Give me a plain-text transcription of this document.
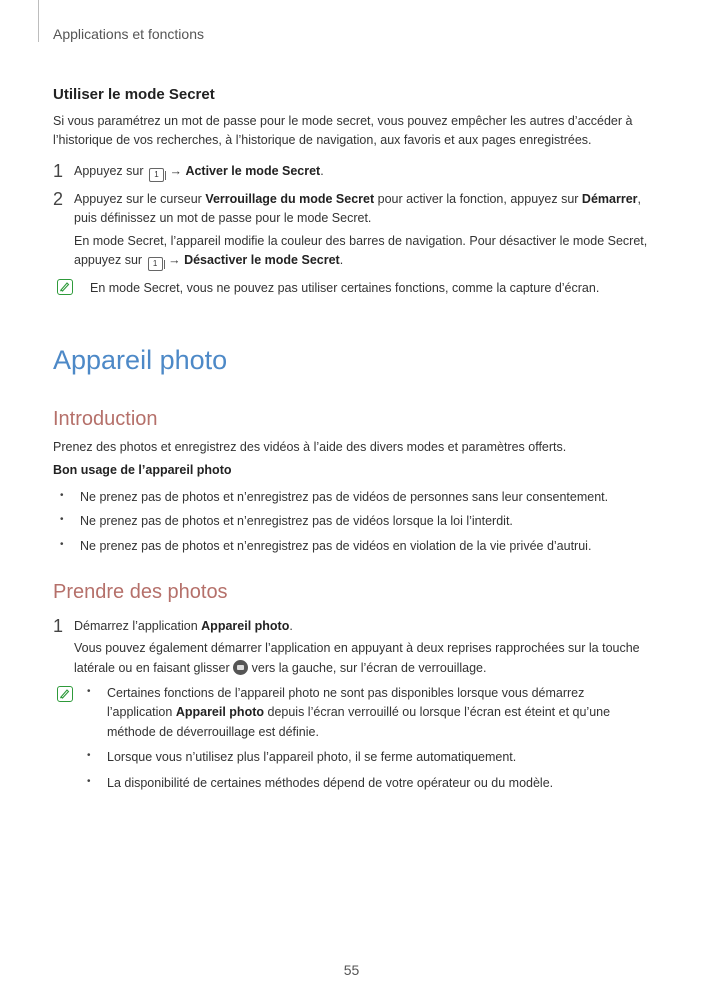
Applications et fonctions
Utiliser le mode Secret

Si vous paramétrez un mot de passe pour le mode secret, vous pouvez empêcher les autres d’accéder à l’historique de vos recherches, à l’historique de navigation, aux favoris et aux pages enregistrées.

1 Appuyez sur 1 → Activer le mode Secret.
2 Appuyez sur le curseur Verrouillage du mode Secret pour activer la fonction, appuyez sur Démarrer, puis définissez un mot de passe pour le mode Secret.

En mode Secret, l’appareil modifie la couleur des barres de navigation. Pour désactiver le mode Secret, appuyez sur 1 → Désactiver le mode Secret.

En mode Secret, vous ne pouvez pas utiliser certaines fonctions, comme la capture d’écran.

Appareil photo
Introduction

Prenez des photos et enregistrez des vidéos à l’aide des divers modes et paramètres offerts.

Bon usage de l’appareil photo

• Ne prenez pas de photos et n’enregistrez pas de vidéos de personnes sans leur consentement.
• Ne prenez pas de photos et n’enregistrez pas de vidéos lorsque la loi l’interdit.
• Ne prenez pas de photos et n’enregistrez pas de vidéos en violation de la vie privée d’autrui.
Prendre des photos
1 Démarrez l’application Appareil photo.

Vous pouvez également démarrer l’application en appuyant à deux reprises rapprochées sur la touche latérale ou en faisant glisser vers la gauche, sur l’écran de verrouillage.

• Certaines fonctions de l’appareil photo ne sont pas disponibles lorsque vous démarrez l’application Appareil photo depuis l’écran verrouillé ou lorsque l’écran est éteint et qu’une méthode de déverrouillage est définie.
• Lorsque vous n’utilisez plus l’appareil photo, il se ferme automatiquement.
• La disponibilité de certaines méthodes dépend de votre opérateur ou du modèle.
55
